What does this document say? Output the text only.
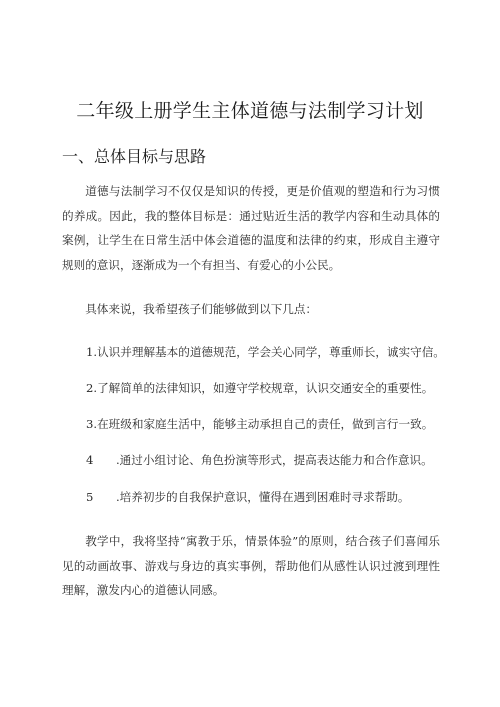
二年级上册学生主体道德与法制学习计划
一、总体目标与思路

道德与法制学习不仅仅是知识的传授，更是价值观的塑造和行为习惯的养成。因此，我的整体目标是：通过贴近生活的教学内容和生动具体的案例，让学生在日常生活中体会道德的温度和法律的约束，形成自主遵守规则的意识，逐渐成为一个有担当、有爱心的小公民。

具体来说，我希望孩子们能够做到以下几点：

1.认识并理解基本的道德规范，学会关心同学，尊重师长，诚实守信。

2.了解简单的法律知识，如遵守学校规章，认识交通安全的重要性。

3.在班级和家庭生活中，能够主动承担自己的责任，做到言行一致。

4 .通过小组讨论、角色扮演等形式，提高表达能力和合作意识。

5 .培养初步的自我保护意识，懂得在遇到困难时寻求帮助。

教学中，我将坚持“寓教于乐，情景体验”的原则，结合孩子们喜闻乐见的动画故事、游戏与身边的真实事例，帮助他们从感性认识过渡到理性理解，激发内心的道德认同感。
